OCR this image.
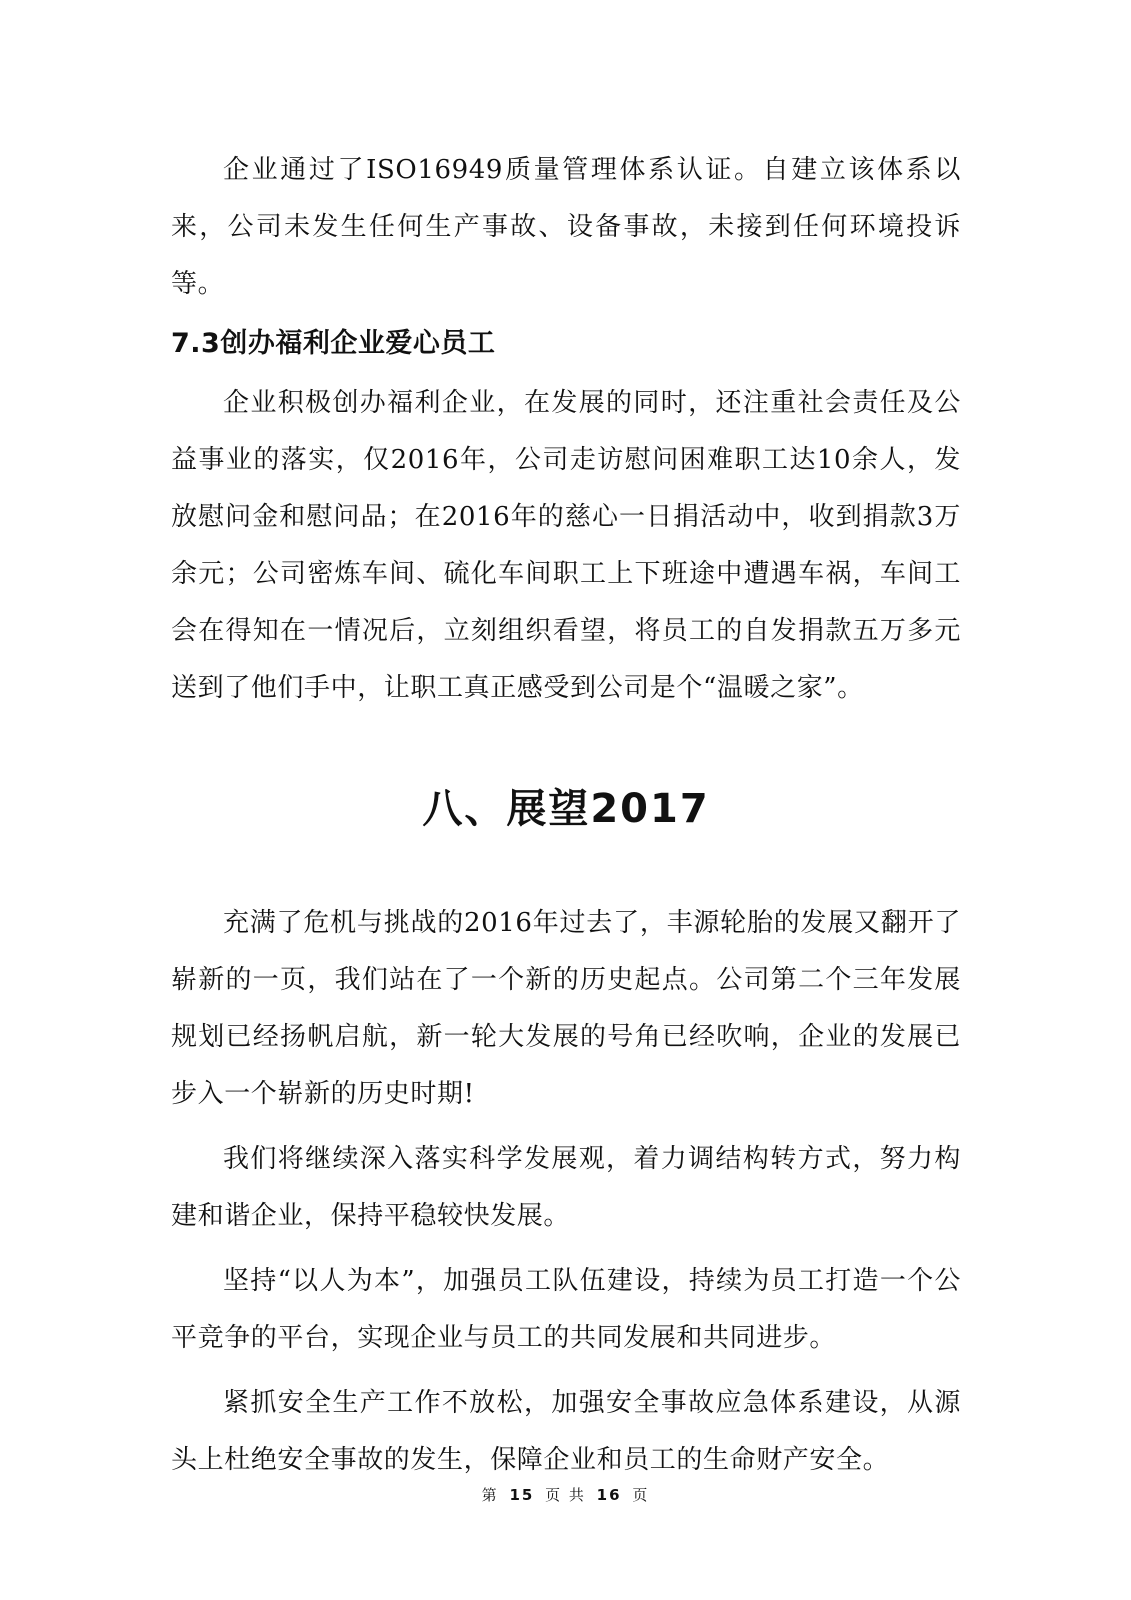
企业通过了ISO16949质量管理体系认证。自建立该体系以来，公司未发生任何生产事故、设备事故，未接到任何环境投诉等。

7.3创办福利企业爱心员工

企业积极创办福利企业，在发展的同时，还注重社会责任及公益事业的落实，仅2016年，公司走访慰问困难职工达10余人，发放慰问金和慰问品；在2016年的慈心一日捐活动中，收到捐款3万余元；公司密炼车间、硫化车间职工上下班途中遭遇车祸，车间工会在得知在一情况后，立刻组织看望，将员工的自发捐款五万多元送到了他们手中，让职工真正感受到公司是个“温暖之家”。

八、展望2017

充满了危机与挑战的2016年过去了，丰源轮胎的发展又翻开了崭新的一页，我们站在了一个新的历史起点。公司第二个三年发展规划已经扬帆启航，新一轮大发展的号角已经吹响，企业的发展已步入一个崭新的历史时期!

我们将继续深入落实科学发展观，着力调结构转方式，努力构建和谐企业，保持平稳较快发展。

坚持“以人为本”，加强员工队伍建设，持续为员工打造一个公平竞争的平台，实现企业与员工的共同发展和共同进步。

紧抓安全生产工作不放松，加强安全事故应急体系建设，从源头上杜绝安全事故的发生，保障企业和员工的生命财产安全。

第 15 页 共 16 页
